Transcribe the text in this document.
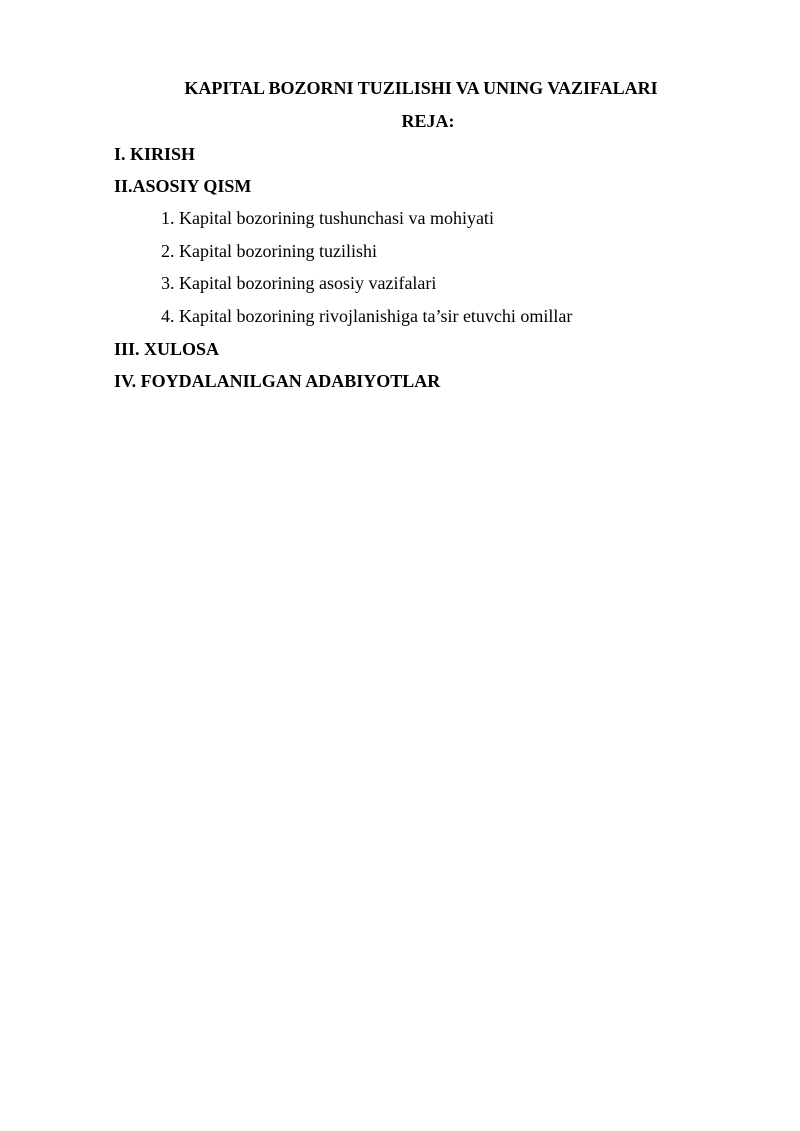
KAPITAL BOZORNI TUZILISHI VA UNING VAZIFALARI
REJA:
I. KIRISH
II.ASOSIY QISM
1. Kapital bozorining tushunchasi va mohiyati
2. Kapital bozorining tuzilishi
3. Kapital bozorining asosiy vazifalari
4. Kapital bozorining rivojlanishiga ta’sir etuvchi omillar
III. XULOSA
IV. FOYDALANILGAN ADABIYOTLAR
